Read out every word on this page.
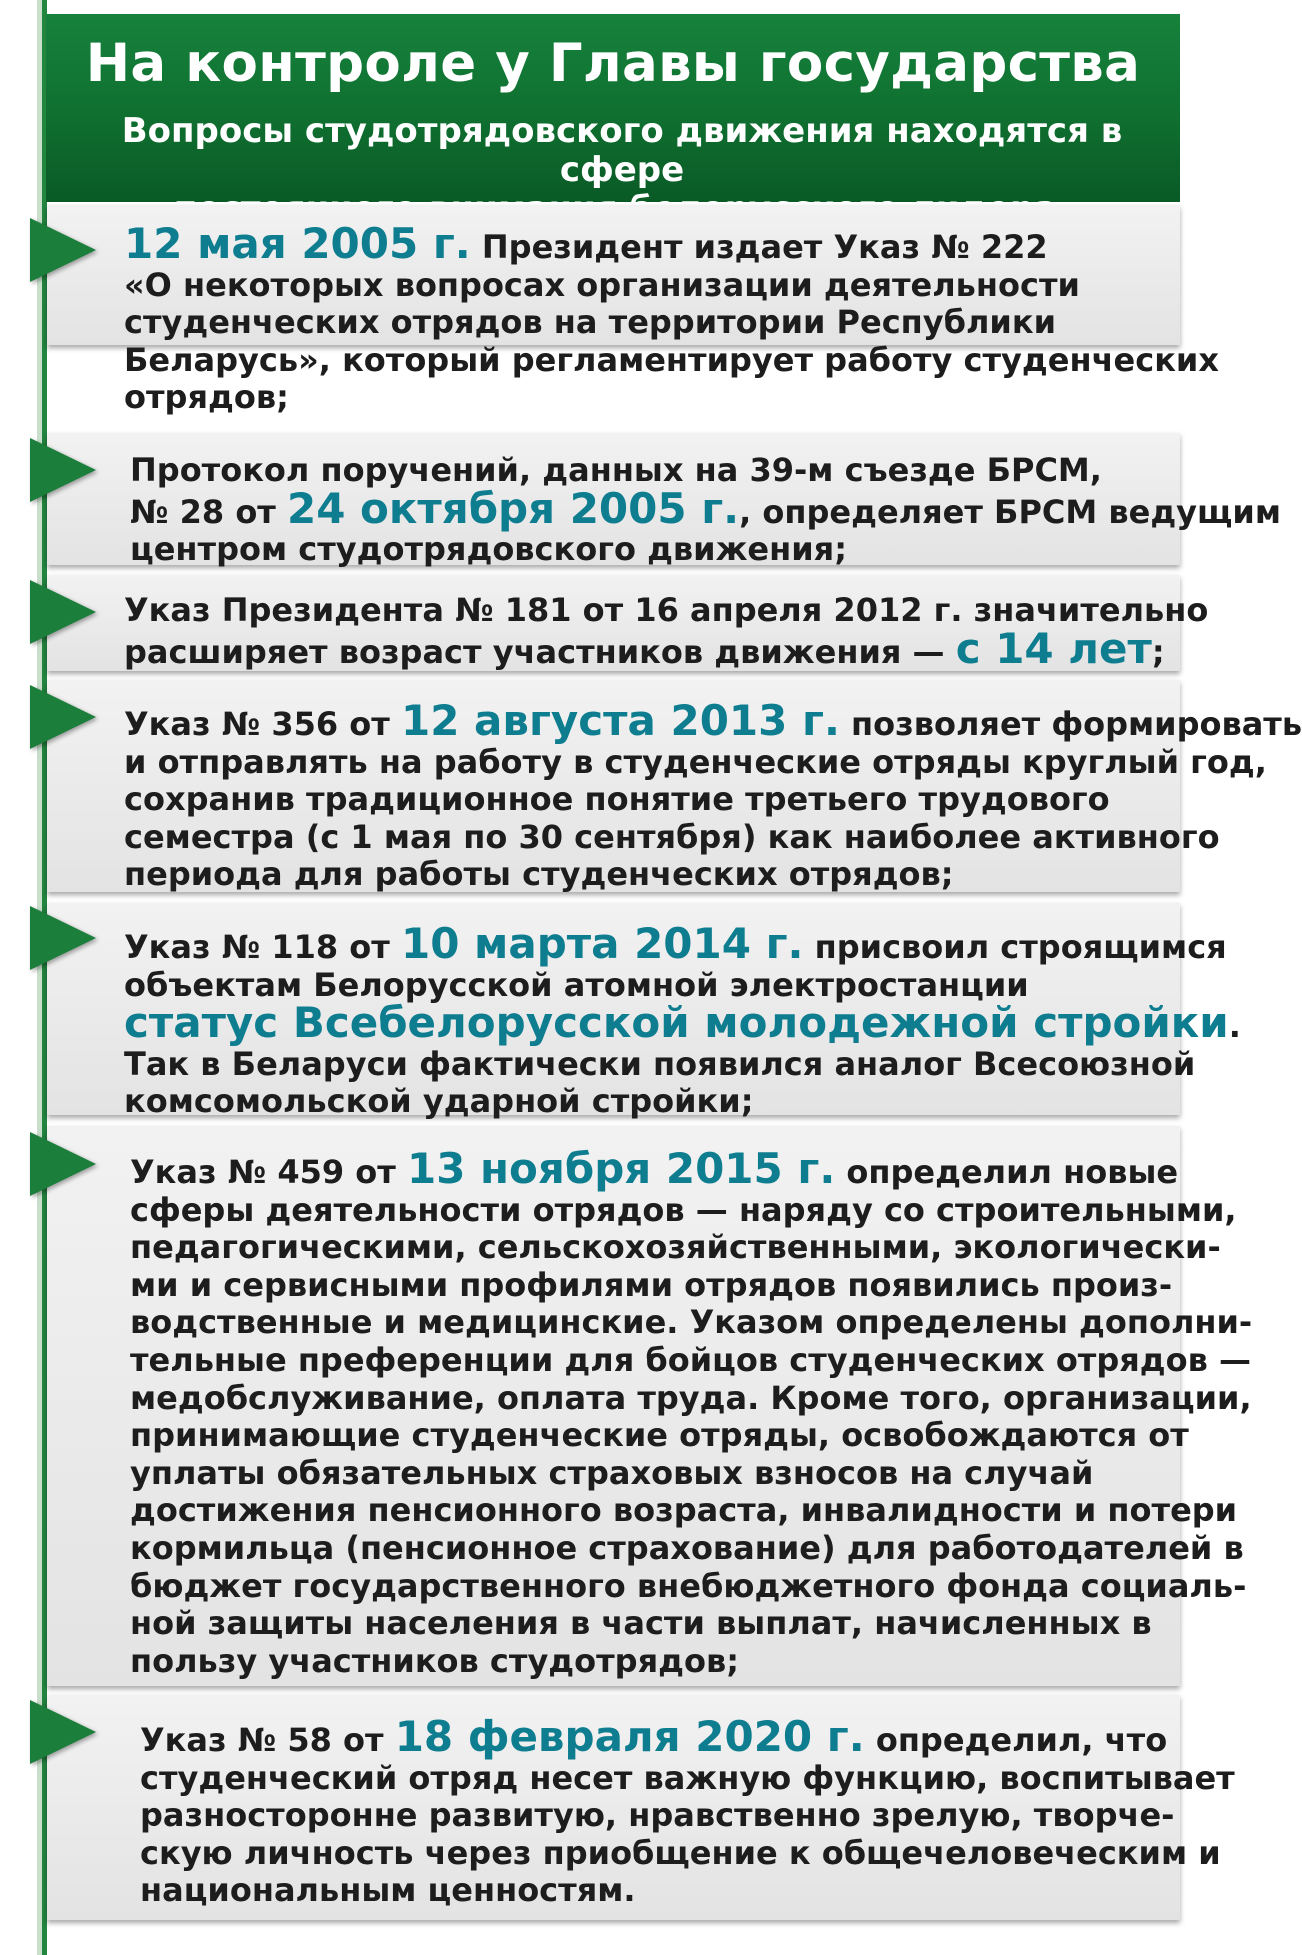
На контроле у Главы государства
Вопросы студотрядовского движения находятся в сфере
12 мая 2005 г. Президент издает Указ № 222
«О некоторых вопросах организации деятельности
студенческих отрядов на территории Республики
Беларусь», который регламентирует работу студенческих
отрядов;
Протокол поручений, данных на 39-м съезде БРСМ,
№ 28 от 24 октября 2005 г., определяет БРСМ ведущим
центром студотрядовского движения;
Указ Президента № 181 от 16 апреля 2012 г. значительно
расширяет возраст участников движения — с 14 лет;
Указ № 356 от 12 августа 2013 г. позволяет формировать
и отправлять на работу в студенческие отряды круглый год,
сохранив традиционное понятие третьего трудового
семестра (с 1 мая по 30 сентября) как наиболее активного
периода для работы студенческих отрядов;
Указ № 118 от 10 марта 2014 г. присвоил строящимся
объектам Белорусской атомной электростанции
статус Всебелорусской молодежной стройки.
Так в Беларуси фактически появился аналог Всесоюзной
комсомольской ударной стройки;
Указ № 459 от 13 ноября 2015 г. определил новые
сферы деятельности отрядов — наряду со строительными,
педагогическими, сельскохозяйственными, экологически-
ми и сервисными профилями отрядов появились произ-
водственные и медицинские. Указом определены дополни-
тельные преференции для бойцов студенческих отрядов —
медобслуживание, оплата труда. Кроме того, организации,
принимающие студенческие отряды, освобождаются от
уплаты обязательных страховых взносов на случай
достижения пенсионного возраста, инвалидности и потери
кормильца (пенсионное страхование) для работодателей в
бюджет государственного внебюджетного фонда социаль-
ной защиты населения в части выплат, начисленных в
пользу участников студотрядов;
Указ № 58 от 18 февраля 2020 г. определил, что
студенческий отряд несет важную функцию, воспитывает
разносторонне развитую, нравственно зрелую, творче-
скую личность через приобщение к общечеловеческим и
национальным ценностям.
